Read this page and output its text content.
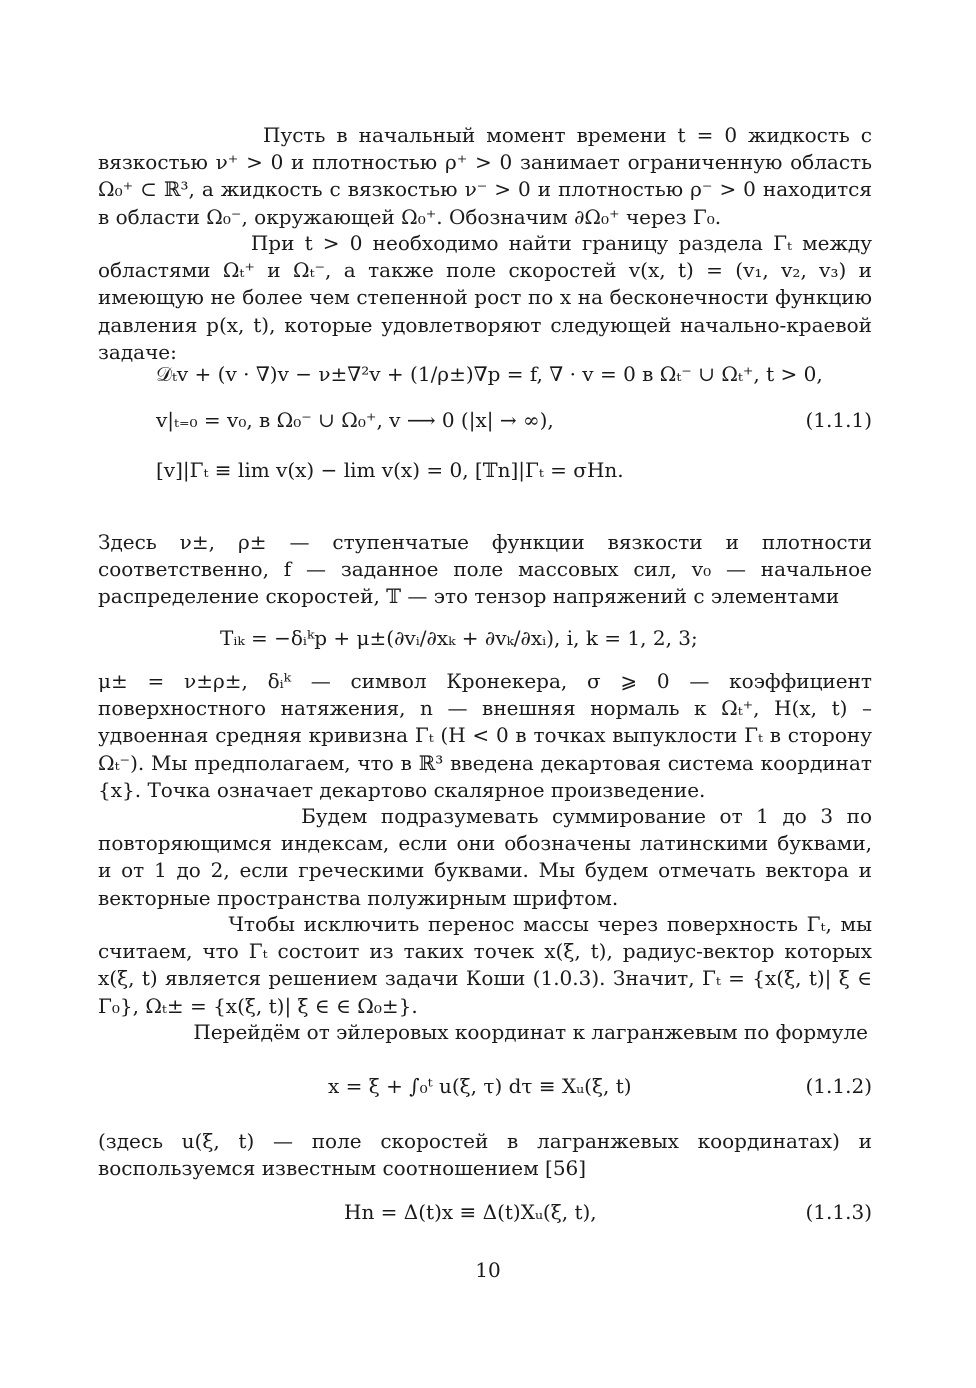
Пусть в начальный момент времени t = 0 жидкость с вязкостью ν⁺ > 0 и плотностью ρ⁺ > 0 занимает ограниченную область Ω₀⁺ ⊂ ℝ³, а жидкость с вязкостью ν⁻ > 0 и плотностью ρ⁻ > 0 находится в области Ω₀⁻, окружающей Ω₀⁺. Обозначим ∂Ω₀⁺ через Γ₀.

При t > 0 необходимо найти границу раздела Γₜ между областями Ωₜ⁺ и Ωₜ⁻, а также поле скоростей v(x, t) = (v₁, v₂, v₃) и имеющую не более чем степенной рост по x на бесконечности функцию давления p(x, t), которые удовлетворяют следующей начально-краевой задаче:

𝒟ₜv + (v · ∇)v − ν±∇²v + (1/ρ±)∇p = f, ∇ · v = 0 в Ωₜ⁻ ∪ Ωₜ⁺, t > 0,
v|ₜ₌₀ = v₀, в Ω₀⁻ ∪ Ω₀⁺, v ⟶ 0 (|x| → ∞),
[v]|Γₜ ≡ lim v(x) − lim v(x) = 0, [𝕋n]|Γₜ = σHn.
(1.1.1)

Здесь ν±, ρ± — ступенчатые функции вязкости и плотности соответственно, f — заданное поле массовых сил, v₀ — начальное распределение скоростей, 𝕋 — это тензор напряжений с элементами

Tᵢₖ = −δᵢᵏp + μ±(∂vᵢ/∂xₖ + ∂vₖ/∂xᵢ), i, k = 1, 2, 3;

μ± = ν±ρ±, δᵢᵏ — символ Кронекера, σ ⩾ 0 — коэффициент поверхностного натяжения, n — внешняя нормаль к Ωₜ⁺, H(x, t) – удвоенная средняя кривизна Γₜ (H < 0 в точках выпуклости Γₜ в сторону Ωₜ⁻). Мы предполагаем, что в ℝ³ введена декартовая система координат {x}. Точка означает декартово скалярное произведение.

Будем подразумевать суммирование от 1 до 3 по повторяющимся индексам, если они обозначены латинскими буквами, и от 1 до 2, если греческими буквами. Мы будем отмечать вектора и векторные пространства полужирным шрифтом.

Чтобы исключить перенос массы через поверхность Γₜ, мы считаем, что Γₜ состоит из таких точек x(ξ, t), радиус-вектор которых x(ξ, t) является решением задачи Коши (1.0.3). Значит, Γₜ = {x(ξ, t)| ξ ∈ Γ₀}, Ωₜ± = {x(ξ, t)| ξ ∈ ∈ Ω₀±}.

Перейдём от эйлеровых координат к лагранжевым по формуле

x = ξ + ∫₀ᵗ u(ξ, τ) dτ ≡ Xᵤ(ξ, t)	(1.1.2)

(здесь u(ξ, t) — поле скоростей в лагранжевых координатах) и воспользуемся известным соотношением [56]

Hn = Δ(t)x ≡ Δ(t)Xᵤ(ξ, t),	(1.1.3)
10
